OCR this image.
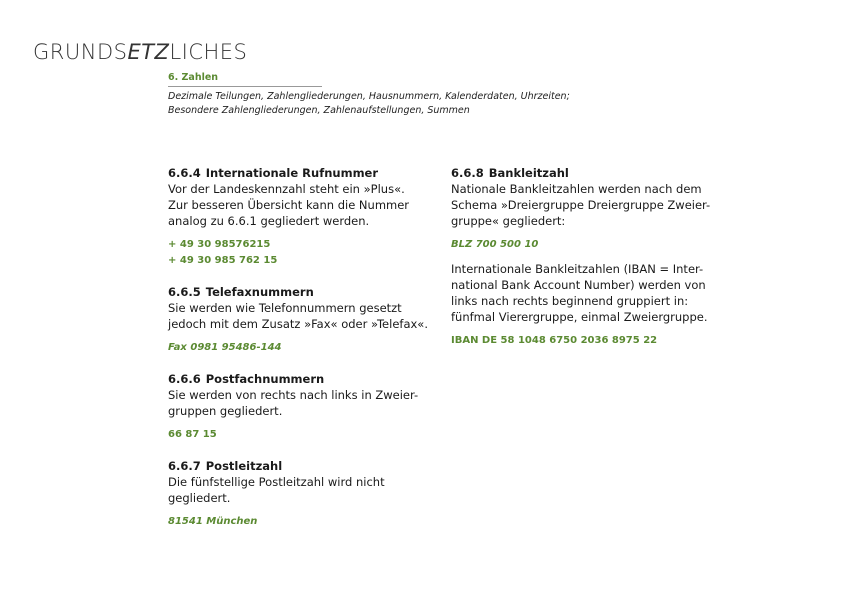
GRUNDSETZLICHES
6. Zahlen
Dezimale Teilungen, Zahlengliederungen, Hausnummern, Kalenderdaten, Uhrzeiten;
Besondere Zahlengliederungen, Zahlenaufstellungen, Summen
6.6.4 Internationale Rufnummer
Vor der Landeskennzahl steht ein »Plus«.
Zur besseren Übersicht kann die Nummer
analog zu 6.6.1 gegliedert werden.
+ 49 30 98576215
+ 49 30 985 762 15
6.6.5 Telefaxnummern
Sie werden wie Telefonnummern gesetzt
jedoch mit dem Zusatz »Fax« oder »Telefax«.
Fax 0981 95486-144
6.6.6 Postfachnummern
Sie werden von rechts nach links in Zweier-
gruppen gegliedert.
66 87 15
6.6.7 Postleitzahl
Die fünfstellige Postleitzahl wird nicht
gegliedert.
81541 München
6.6.8 Bankleitzahl
Nationale Bankleitzahlen werden nach dem
Schema »Dreiergruppe Dreiergruppe Zweier-
gruppe« gegliedert:
BLZ 700 500 10
Internationale Bankleitzahlen (IBAN = Inter-
national Bank Account Number) werden von
links nach rechts beginnend gruppiert in:
fünfmal Vierergruppe, einmal Zweiergruppe.
IBAN DE 58 1048 6750 2036 8975 22
